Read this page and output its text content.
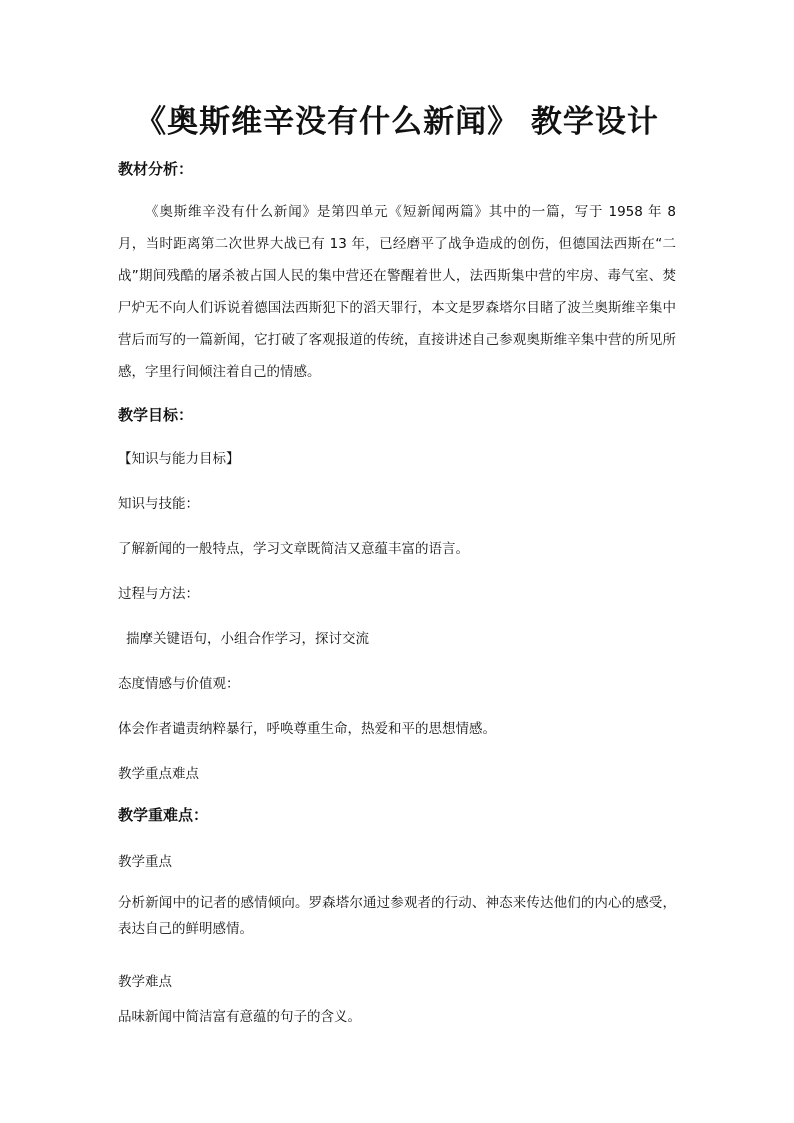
《奥斯维辛没有什么新闻》 教学设计
教材分析：
《奥斯维辛没有什么新闻》是第四单元《短新闻两篇》其中的一篇，写于 1958 年 8 月，当时距离第二次世界大战已有 13 年，已经磨平了战争造成的创伤，但德国法西斯在“二战”期间残酷的屠杀被占国人民的集中营还在警醒着世人，法西斯集中营的牢房、毒气室、焚尸炉无不向人们诉说着德国法西斯犯下的滔天罪行，本文是罗森塔尔目睹了波兰奥斯维辛集中营后而写的一篇新闻，它打破了客观报道的传统，直接讲述自己参观奥斯维辛集中营的所见所感，字里行间倾注着自己的情感。
教学目标：
【知识与能力目标】
知识与技能：
了解新闻的一般特点，学习文章既简洁又意蕴丰富的语言。
过程与方法：
揣摩关键语句，小组合作学习，探讨交流
态度情感与价值观：
体会作者谴责纳粹暴行，呼唤尊重生命，热爱和平的思想情感。
教学重点难点
教学重难点：
教学重点
分析新闻中的记者的感情倾向。罗森塔尔通过参观者的行动、神态来传达他们的内心的感受，表达自己的鲜明感情。
教学难点
品味新闻中简洁富有意蕴的句子的含义。
